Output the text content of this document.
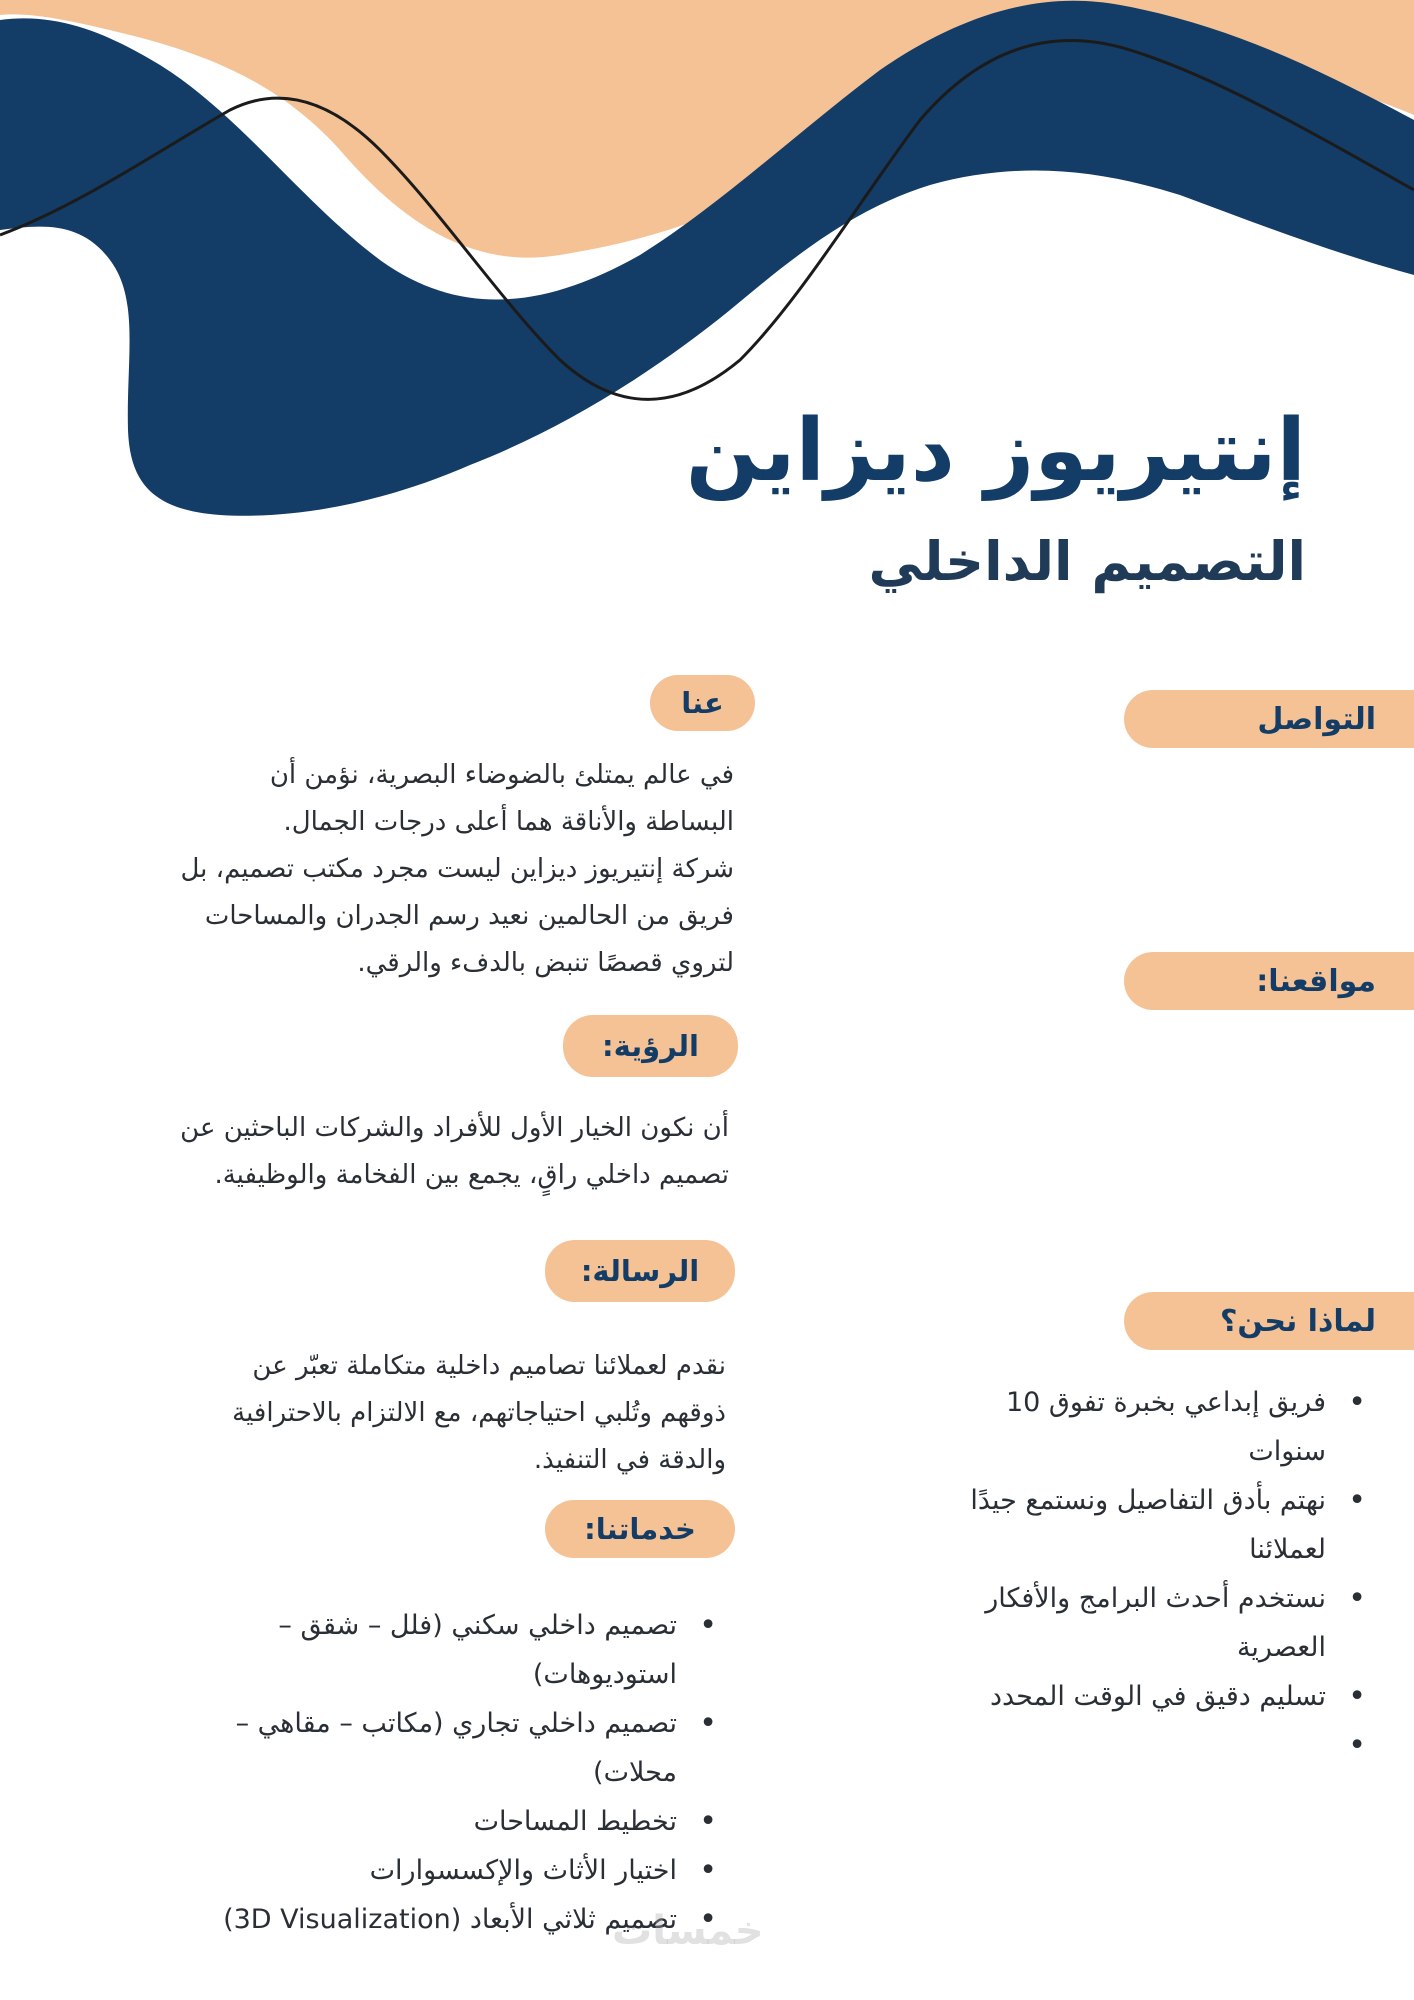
إنتيريوز ديزاين
التصميم الداخلي
عنا

في عالم يمتلئ بالضوضاء البصرية، نؤمن أن
البساطة والأناقة هما أعلى درجات الجمال.
شركة إنتيريوز ديزاين ليست مجرد مكتب تصميم، بل
فريق من الحالمين نعيد رسم الجدران والمساحات
لتروي قصصًا تنبض بالدفء والرقي.

الرؤية:

أن نكون الخيار الأول للأفراد والشركات الباحثين عن
تصميم داخلي راقٍ، يجمع بين الفخامة والوظيفية.

الرسالة:

نقدم لعملائنا تصاميم داخلية متكاملة تعبّر عن
ذوقهم وتُلبي احتياجاتهم، مع الالتزام بالاحترافية
والدقة في التنفيذ.

خدماتنا:
• تصميم داخلي سكني (فلل – شقق – استوديوهات)
• تصميم داخلي تجاري (مكاتب – مقاهي – محلات)
• تخطيط المساحات
• اختيار الأثاث والإكسسوارات
• تصميم ثلاثي الأبعاد (3D Visualization)
التواصل
مواقعنا:
لماذا نحن؟
• فريق إبداعي بخبرة تفوق 10 سنوات
• نهتم بأدق التفاصيل ونستمع جيدًا لعملائنا
• نستخدم أحدث البرامج والأفكار العصرية
• تسليم دقيق في الوقت المحدد
•
خمسات
